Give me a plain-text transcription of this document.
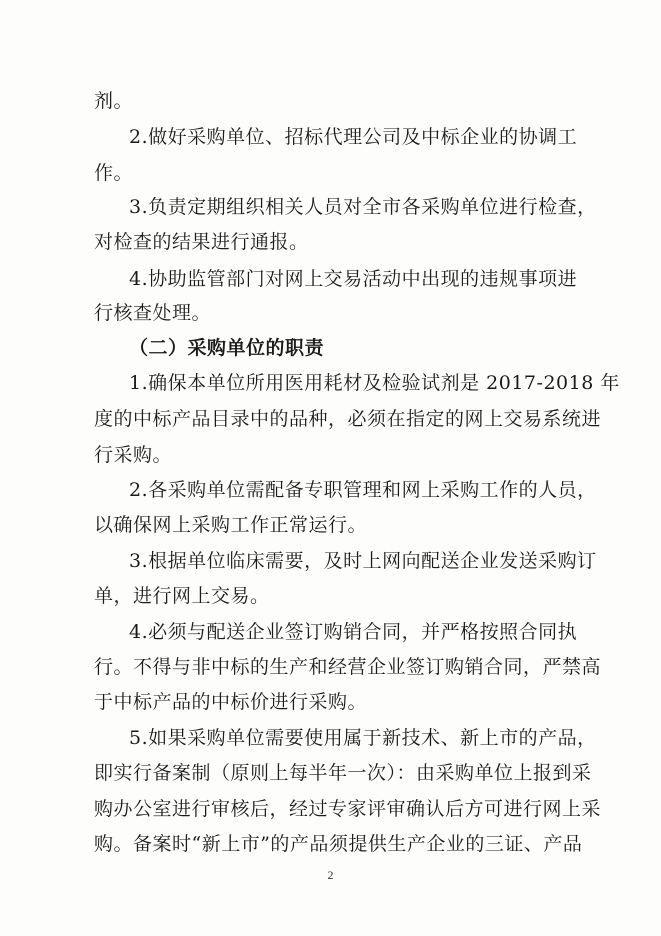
剂。
2.做好采购单位、招标代理公司及中标企业的协调工
作。
3.负责定期组织相关人员对全市各采购单位进行检查，
对检查的结果进行通报。
4.协助监管部门对网上交易活动中出现的违规事项进
行核查处理。
（二）采购单位的职责
1.确保本单位所用医用耗材及检验试剂是 2017-2018 年
度的中标产品目录中的品种，必须在指定的网上交易系统进
行采购。
2.各采购单位需配备专职管理和网上采购工作的人员，
以确保网上采购工作正常运行。
3.根据单位临床需要，及时上网向配送企业发送采购订
单，进行网上交易。
4.必须与配送企业签订购销合同，并严格按照合同执
行。不得与非中标的生产和经营企业签订购销合同，严禁高
于中标产品的中标价进行采购。
5.如果采购单位需要使用属于新技术、新上市的产品，
即实行备案制（原则上每半年一次）：由采购单位上报到采
购办公室进行审核后，经过专家评审确认后方可进行网上采
购。备案时“新上市”的产品须提供生产企业的三证、产品
2
